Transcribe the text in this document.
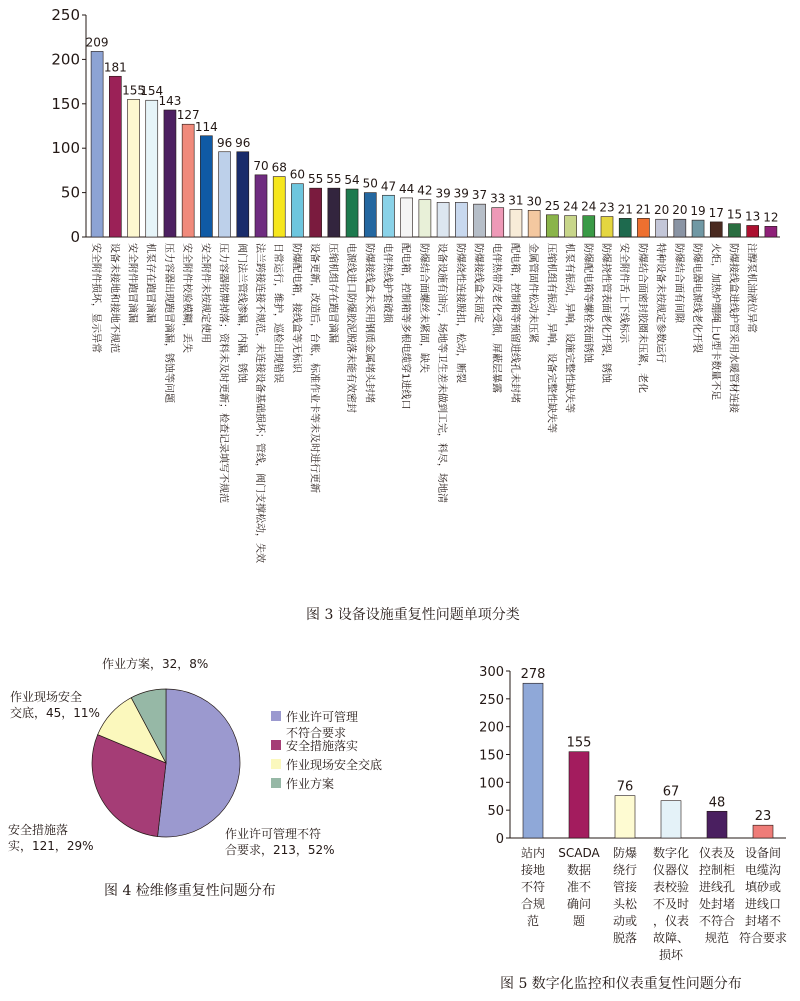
0
50
100
150
200
250
209
安全附件损坏，显示异常
181
设备未接地和接地不规范
155
安全附件跑冒滴漏
154
机泵存在跑冒滴漏
143
压力容器出现跑冒滴漏，锈蚀等问题
127
安全附件校验模糊，丢失
114
安全附件未按规定使用
96
压力容器铭牌掉落；资料未及时更新；检查记录填写不规范
96
阀门法兰管线渗漏，内漏，锈蚀
70
法兰跨接连接不规范，未连接设备基础损坏；管线，阀门支撑松动，失效
68
日常运行，维护，巡检出现错误
60
防爆配电箱，接线盒等无标识
55
设备更新，改造后，台账，标准作业卡等未及时进行更新
55
压缩机组存在跑冒滴漏
54
电源线进口防爆胶泥脱落未能有效密封
50
防爆接线盒未采用钢质金属堵头封堵
47
电伴热线护套破损
44
配电箱，控制箱等多根电缆穿1进线口
42
防爆结合面螺丝未紧固，缺失
39
设备设施有油污，场地等卫生差未做到工完，料尽，场地清
39
防爆绕性连接脱扣，松动，断裂
37
防爆接线盒未固定
33
电伴热带皮老化受损，屏蔽层暴露
31
配电箱，控制箱等预留进线孔未封堵
30
金属管固件松动未压紧
25
压缩机组有振动，异响，设备完整性缺失等
24
机泵有振动，异响，设施完整性缺失等
24
防爆配电箱等螺栓表面锈蚀
23
防爆挠性管表面老化开裂，锈蚀
21
安全附件舌上下线标示
21
防爆结合面密封胶圈未压紧，老化
20
特种设备未按规定参数运行
20
防爆结合面有间隙
19
防爆电器电源线老化开裂
17
火炬，加热炉绷绳上U型卡数量不足
15
防爆接线盒进线护管采用水暖管材连接
13
注醇泵机油液位异常
12
0
50
100
150
200
250
300 278
站内接地不符合规范
155
SCADA 数据准不确问题
76
防爆绕行管接头松动或脱落
67
数字化仪器仪表校验不及时，仪表故障、损坏
48
仪表及控制柜进线孔处封堵不符合规范
23
设备间电缆沟填砂或进线口封堵不符合要求
作业许可管理
不符合要求
安全措施落实
作业现场安全交底
作业方案
作业许可管理不符
合要求，213，52%
安全措施落
实，121，29%
作业现场安全
交底，45，11%
作业方案，32，8%
图 3 设备设施重复性问题单项分类
图 4 检维修重复性问题分布
图 5 数字化监控和仪表重复性问题分布
